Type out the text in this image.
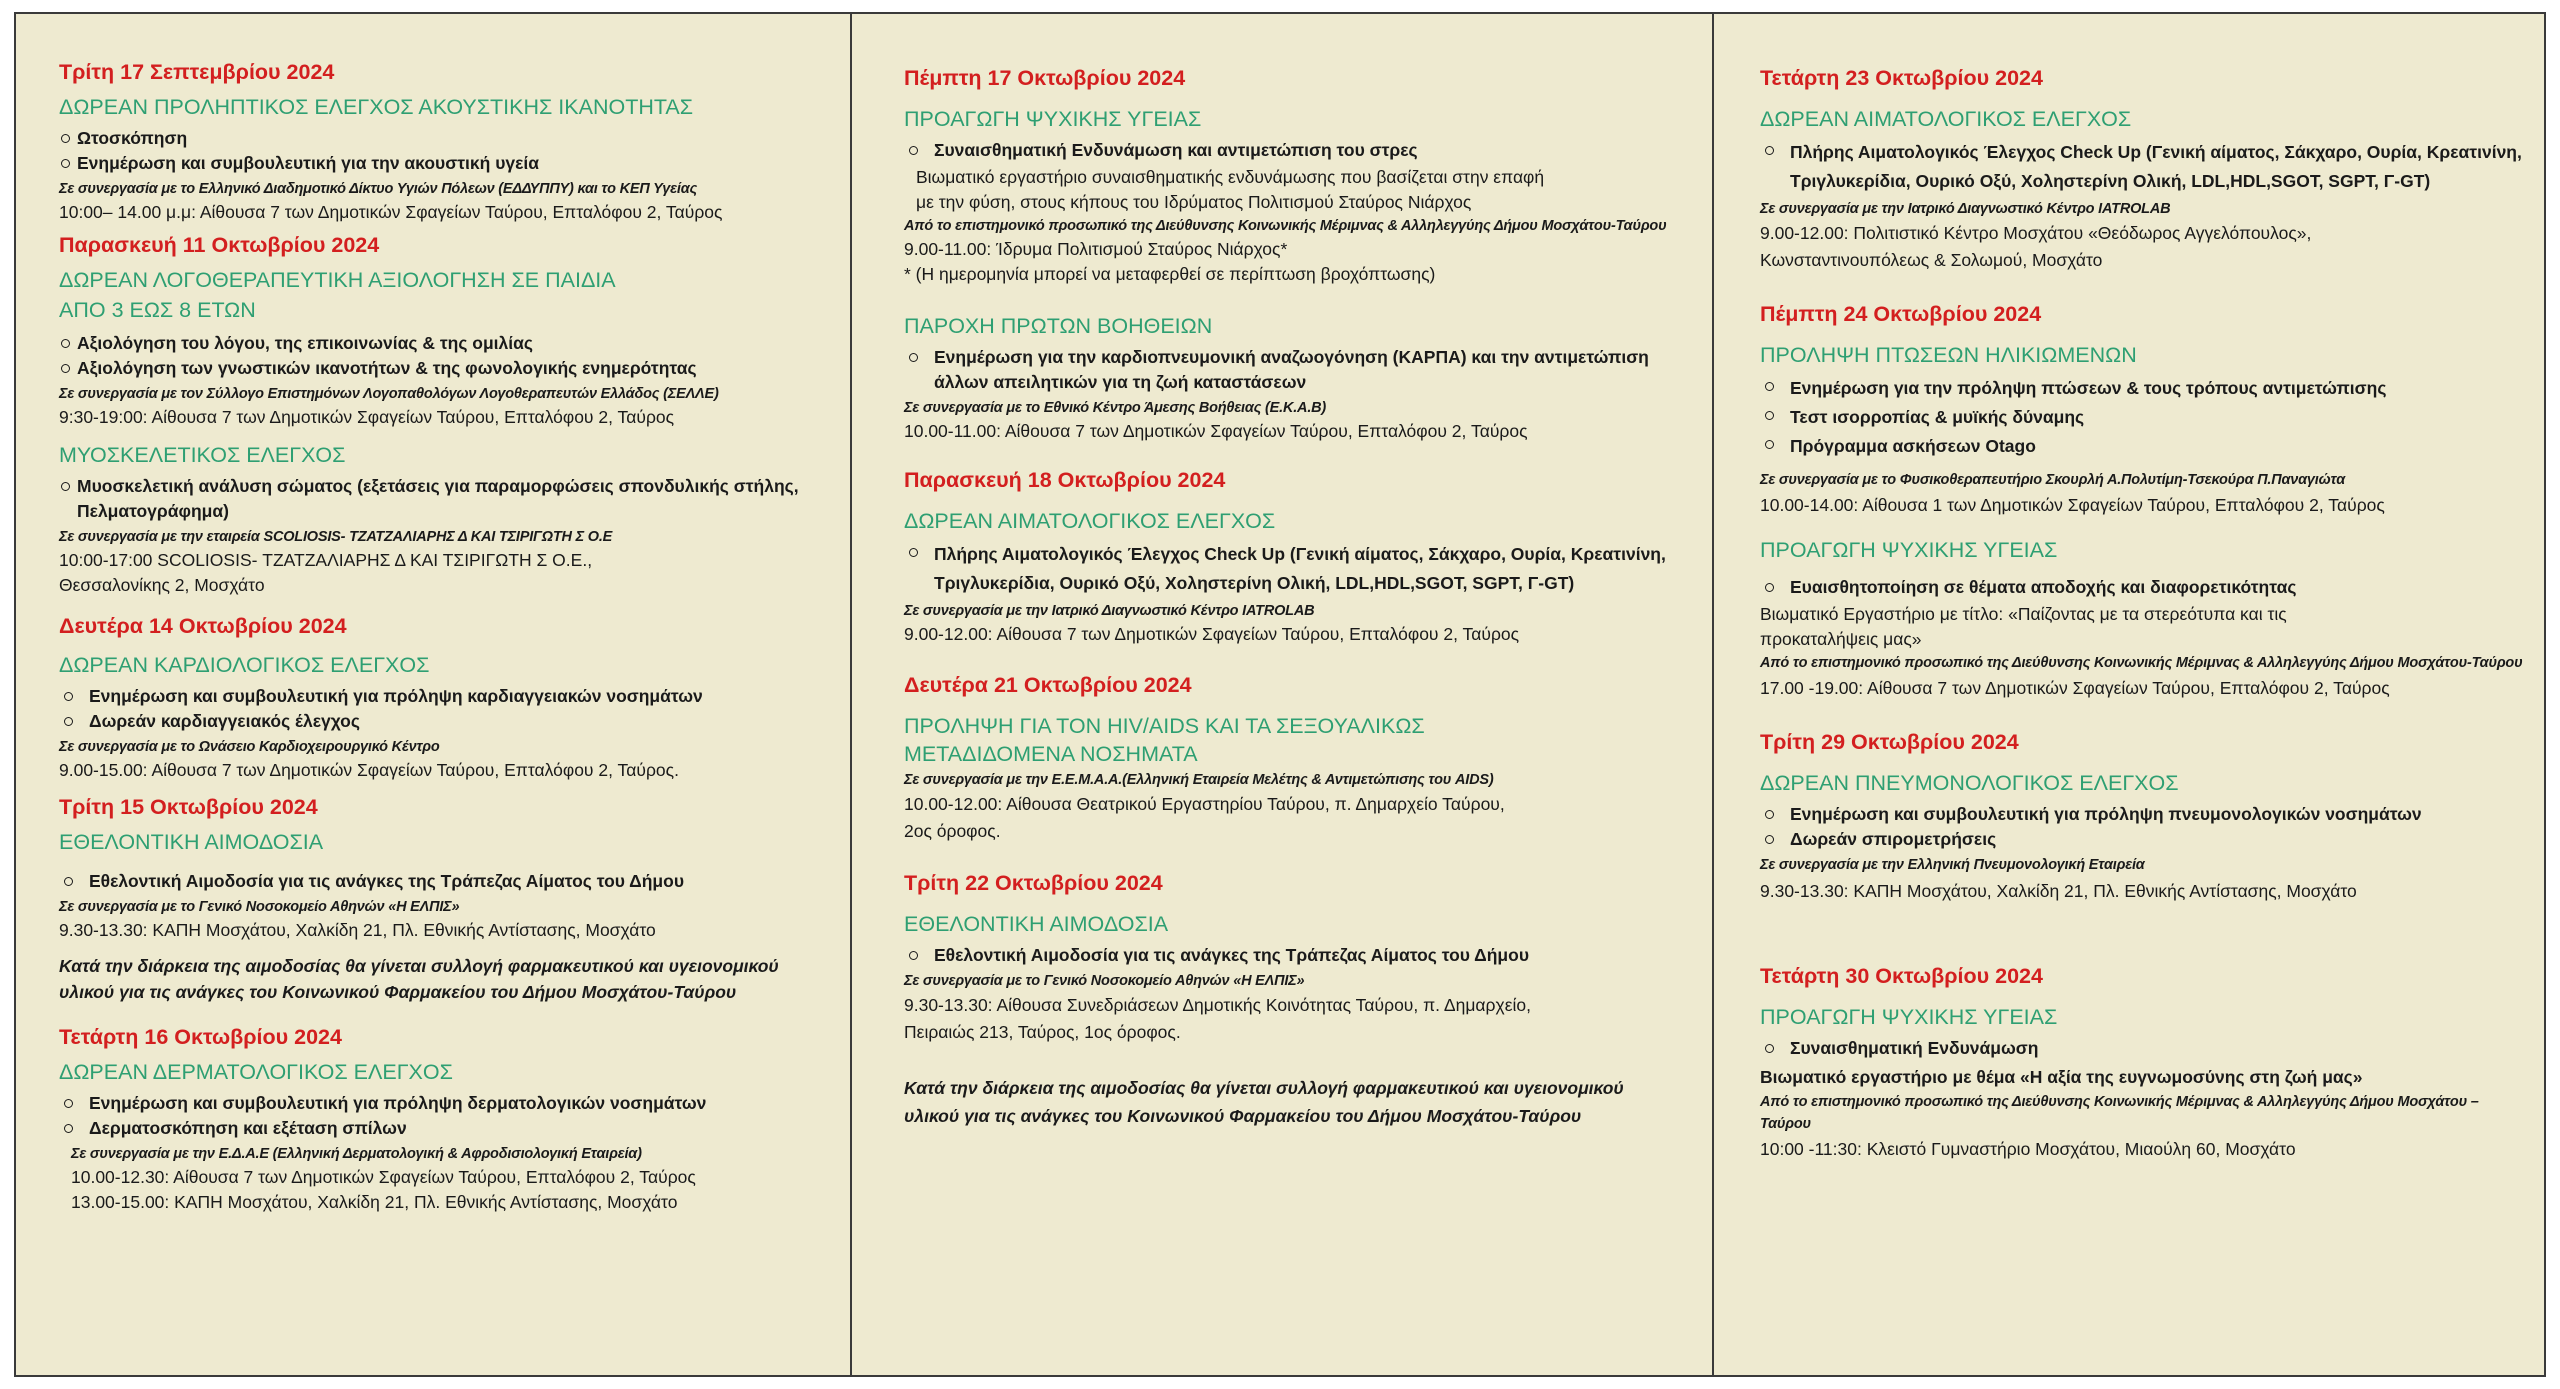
Τρίτη 17 Σεπτεμβρίου 2024

ΔΩΡΕΑΝ ΠΡΟΛΗΠΤΙΚΟΣ ΕΛΕΓΧΟΣ ΑΚΟΥΣΤΙΚΗΣ ΙΚΑΝΟΤΗΤΑΣ

Ωτοσκόπηση
Ενημέρωση και συμβουλευτική για την ακουστική υγεία

Σε συνεργασία με το Ελληνικό Διαδημοτικό Δίκτυο Υγιών Πόλεων (ΕΔΔΥΠΠΥ) και το ΚΕΠ Υγείας

10:00– 14.00 μ.μ: Αίθουσα 7 των Δημοτικών Σφαγείων Ταύρου, Επταλόφου 2, Ταύρος

Παρασκευή 11 Οκτωβρίου 2024

ΔΩΡΕΑΝ ΛΟΓΟΘΕΡΑΠΕΥΤΙΚΗ ΑΞΙΟΛΟΓΗΣΗ ΣΕ ΠΑΙΔΙΑ

ΑΠΟ 3 ΕΩΣ 8 ΕΤΩΝ

Αξιολόγηση του λόγου, της επικοινωνίας & της ομιλίας
Αξιολόγηση των γνωστικών ικανοτήτων & της φωνολογικής ενημερότητας

Σε συνεργασία με τον Σύλλογο Επιστημόνων Λογοπαθολόγων Λογοθεραπευτών Ελλάδος (ΣΕΛΛΕ)

9:30-19:00: Αίθουσα 7 των Δημοτικών Σφαγείων Ταύρου, Επταλόφου 2, Ταύρος

ΜΥΟΣΚΕΛΕΤΙΚΟΣ ΕΛΕΓΧΟΣ

Μυοσκελετική ανάλυση σώματος (εξετάσεις για παραμορφώσεις σπονδυλικής στήλης, Πελματογράφημα)

Σε συνεργασία με την εταιρεία SCOLIOSIS- ΤΖΑΤΖΑΛΙΑΡΗΣ Δ ΚΑΙ ΤΣΙΡΙΓΩΤΗ Σ Ο.Ε

10:00-17:00 SCOLIOSIS- ΤΖΑΤΖΑΛΙΑΡΗΣ Δ ΚΑΙ ΤΣΙΡΙΓΩΤΗ Σ Ο.Ε.,

Θεσσαλονίκης 2, Μοσχάτο

Δευτέρα 14 Οκτωβρίου 2024

ΔΩΡΕΑΝ ΚΑΡΔΙΟΛΟΓΙΚΟΣ ΕΛΕΓΧΟΣ

Ενημέρωση και συμβουλευτική για πρόληψη καρδιαγγειακών νοσημάτων
Δωρεάν καρδιαγγειακός έλεγχος

Σε συνεργασία με το Ωνάσειο Καρδιοχειρουργικό Κέντρο

9.00-15.00: Αίθουσα 7 των Δημοτικών Σφαγείων Ταύρου, Επταλόφου 2, Ταύρος.

Τρίτη 15 Οκτωβρίου 2024

ΕΘΕΛΟΝΤΙΚΗ ΑΙΜΟΔΟΣΙΑ

Εθελοντική Αιμοδοσία για τις ανάγκες της Τράπεζας Αίματος του Δήμου

Σε συνεργασία με το Γενικό Νοσοκομείο Αθηνών «Η ΕΛΠΙΣ»

9.30-13.30: ΚΑΠΗ Μοσχάτου, Χαλκίδη 21, Πλ. Εθνικής Αντίστασης, Μοσχάτο

Κατά την διάρκεια της αιμοδοσίας θα γίνεται συλλογή φαρμακευτικού και υγειονομικού

υλικού για τις ανάγκες του Κοινωνικού Φαρμακείου του Δήμου Μοσχάτου-Ταύρου

Τετάρτη 16 Οκτωβρίου 2024

ΔΩΡΕΑΝ ΔΕΡΜΑΤΟΛΟΓΙΚΟΣ ΕΛΕΓΧΟΣ

Ενημέρωση και συμβουλευτική για πρόληψη δερματολογικών νοσημάτων
Δερματοσκόπηση και εξέταση σπίλων

Σε συνεργασία με την Ε.Δ.Α.Ε (Ελληνική Δερματολογική & Αφροδισιολογική Εταιρεία)

10.00-12.30: Αίθουσα 7 των Δημοτικών Σφαγείων Ταύρου, Επταλόφου 2, Ταύρος

13.00-15.00: ΚΑΠΗ Μοσχάτου, Χαλκίδη 21, Πλ. Εθνικής Αντίστασης, Μοσχάτο

Πέμπτη 17 Οκτωβρίου 2024

ΠΡΟΑΓΩΓΗ ΨΥΧΙΚΗΣ ΥΓΕΙΑΣ

Συναισθηματική Ενδυνάμωση και αντιμετώπιση του στρες

Βιωματικό εργαστήριο συναισθηματικής ενδυνάμωσης που βασίζεται στην επαφή

με την φύση, στους κήπους του Ιδρύματος Πολιτισμού Σταύρος Νιάρχος

Από το επιστημονικό προσωπικό της Διεύθυνσης Κοινωνικής Μέριμνας & Αλληλεγγύης Δήμου Μοσχάτου-Ταύρου

9.00-11.00: Ίδρυμα Πολιτισμού Σταύρος Νιάρχος*

* (Η ημερομηνία μπορεί να μεταφερθεί σε περίπτωση βροχόπτωσης)

ΠΑΡΟΧΗ ΠΡΩΤΩΝ ΒΟΗΘΕΙΩΝ

Ενημέρωση για την καρδιοπνευμονική αναζωογόνηση (ΚΑΡΠΑ) και την αντιμετώπιση άλλων απειλητικών για τη ζωή καταστάσεων

Σε συνεργασία με το Εθνικό Κέντρο Άμεσης Βοήθειας (Ε.Κ.Α.Β)

10.00-11.00: Αίθουσα 7 των Δημοτικών Σφαγείων Ταύρου, Επταλόφου 2, Ταύρος

Παρασκευή 18 Οκτωβρίου 2024

ΔΩΡΕΑΝ ΑΙΜΑΤΟΛΟΓΙΚΟΣ ΕΛΕΓΧΟΣ

Πλήρης Αιματολογικός Έλεγχος Check Up (Γενική αίματος, Σάκχαρο, Ουρία, Κρεατινίνη, Τριγλυκερίδια, Ουρικό Οξύ, Χοληστερίνη Ολική, LDL,HDL,SGOT, SGPT, Γ-GT)

Σε συνεργασία με την Ιατρικό Διαγνωστικό Κέντρο IATROLAB

9.00-12.00: Αίθουσα 7 των Δημοτικών Σφαγείων Ταύρου, Επταλόφου 2, Ταύρος

Δευτέρα 21 Οκτωβρίου 2024

ΠΡΟΛΗΨΗ ΓΙΑ ΤΟΝ HIV/AIDS ΚΑΙ ΤΑ ΣΕΞΟΥΑΛΙΚΩΣ

ΜΕΤΑΔΙΔΟΜΕΝΑ ΝΟΣΗΜΑΤΑ

Σε συνεργασία με την Ε.Ε.Μ.Α.Α.(Ελληνική Εταιρεία Μελέτης & Αντιμετώπισης του AIDS)

10.00-12.00: Αίθουσα Θεατρικού Εργαστηρίου Ταύρου, π. Δημαρχείο Ταύρου,

2ος όροφος.

Τρίτη 22 Οκτωβρίου 2024

ΕΘΕΛΟΝΤΙΚΗ ΑΙΜΟΔΟΣΙΑ

Εθελοντική Αιμοδοσία για τις ανάγκες της Τράπεζας Αίματος του Δήμου

Σε συνεργασία με το Γενικό Νοσοκομείο Αθηνών «Η ΕΛΠΙΣ»

9.30-13.30: Αίθουσα Συνεδριάσεων Δημοτικής Κοινότητας Ταύρου, π. Δημαρχείο,

Πειραιώς 213, Ταύρος, 1ος όροφος.

Κατά την διάρκεια της αιμοδοσίας θα γίνεται συλλογή φαρμακευτικού και υγειονομικού

υλικού για τις ανάγκες του Κοινωνικού Φαρμακείου του Δήμου Μοσχάτου-Ταύρου

Τετάρτη 23 Οκτωβρίου 2024

ΔΩΡΕΑΝ ΑΙΜΑΤΟΛΟΓΙΚΟΣ ΕΛΕΓΧΟΣ

Πλήρης Αιματολογικός Έλεγχος Check Up (Γενική αίματος, Σάκχαρο, Ουρία, Κρεατινίνη, Τριγλυκερίδια, Ουρικό Οξύ, Χοληστερίνη Ολική, LDL,HDL,SGOT, SGPT, Γ-GT)

Σε συνεργασία με την Ιατρικό Διαγνωστικό Κέντρο IATROLAB

9.00-12.00: Πολιτιστικό Κέντρο Μοσχάτου «Θεόδωρος Αγγελόπουλος»,

Κωνσταντινουπόλεως & Σολωμού, Μοσχάτο

Πέμπτη 24 Οκτωβρίου 2024

ΠΡΟΛΗΨΗ ΠΤΩΣΕΩΝ ΗΛΙΚΙΩΜΕΝΩΝ

Ενημέρωση για την πρόληψη πτώσεων & τους τρόπους αντιμετώπισης
Τεστ ισορροπίας & μυϊκής δύναμης
Πρόγραμμα ασκήσεων Otago

Σε συνεργασία με το Φυσικοθεραπευτήριο Σκουρλή Α.Πολυτίμη-Τσεκούρα Π.Παναγιώτα

10.00-14.00: Αίθουσα 1 των Δημοτικών Σφαγείων Ταύρου, Επταλόφου 2, Ταύρος

ΠΡΟΑΓΩΓΗ ΨΥΧΙΚΗΣ ΥΓΕΙΑΣ

Ευαισθητοποίηση σε θέματα αποδοχής και διαφορετικότητας

Βιωματικό Εργαστήριο με τίτλο: «Παίζοντας με τα στερεότυπα και τις

προκαταλήψεις μας»

Από το επιστημονικό προσωπικό της Διεύθυνσης Κοινωνικής Μέριμνας & Αλληλεγγύης Δήμου Μοσχάτου-Ταύρου

17.00 -19.00: Αίθουσα 7 των Δημοτικών Σφαγείων Ταύρου, Επταλόφου 2, Ταύρος

Τρίτη 29 Οκτωβρίου 2024

ΔΩΡΕΑΝ ΠΝΕΥΜΟΝΟΛΟΓΙΚΟΣ ΕΛΕΓΧΟΣ

Ενημέρωση και συμβουλευτική για πρόληψη πνευμονολογικών νοσημάτων
Δωρεάν σπιρομετρήσεις

Σε συνεργασία με την Ελληνική Πνευμονολογική Εταιρεία

9.30-13.30: ΚΑΠΗ Μοσχάτου, Χαλκίδη 21, Πλ. Εθνικής Αντίστασης, Μοσχάτο

Τετάρτη 30 Οκτωβρίου 2024

ΠΡΟΑΓΩΓΗ ΨΥΧΙΚΗΣ ΥΓΕΙΑΣ

Συναισθηματική Ενδυνάμωση

Βιωματικό εργαστήριο με θέμα «Η αξία της ευγνωμοσύνης στη ζωή μας»

Από το επιστημονικό προσωπικό της Διεύθυνσης Κοινωνικής Μέριμνας & Αλληλεγγύης Δήμου Μοσχάτου – Ταύρου

10:00 -11:30: Κλειστό Γυμναστήριο Μοσχάτου, Μιαούλη 60, Μοσχάτο
